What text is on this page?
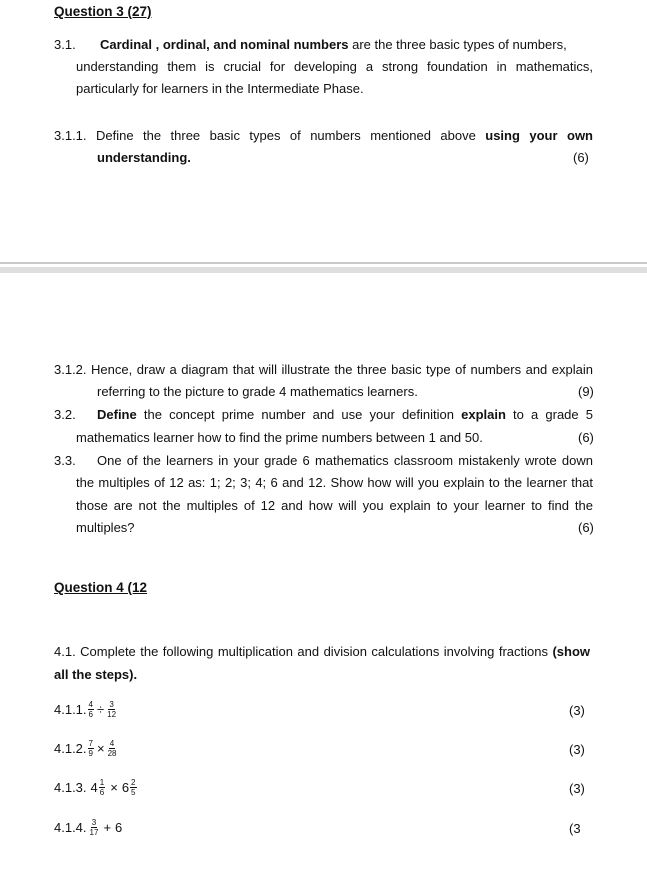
Question 3 (27)
3.1. Cardinal , ordinal, and nominal numbers are the three basic types of numbers,
understanding them is crucial for developing a strong foundation in mathematics,
particularly for learners in the Intermediate Phase.
3.1.1. Define the three basic types of numbers mentioned above using your own
understanding.	(6)
3.1.2. Hence, draw a diagram that will illustrate the three basic type of numbers and explain
referring to the picture to grade 4 mathematics learners.	(9)
3.2. Define the concept prime number and use your definition explain to a grade 5
mathematics learner how to find the prime numbers between 1 and 50.	(6)
3.3. One of the learners in your grade 6 mathematics classroom mistakenly wrote down
the multiples of 12 as: 1; 2; 3; 4; 6 and 12. Show how will you explain to the learner that
those are not the multiples of 12 and how will you explain to your learner to find the
multiples?	(6)
Question 4 (12
4.1. Complete the following multiplication and division calculations involving fractions (show
all the steps).
4.1.1. $\frac{4}{6} \div \frac{3}{12}$	(3)
4.1.2. $\frac{7}{9} \times \frac{4}{28}$	(3)
4.1.3. $4 \frac{1}{6} \times 6 \frac{2}{5}$	(3)
4.1.4. $\frac{3}{17} + 6$	(3
